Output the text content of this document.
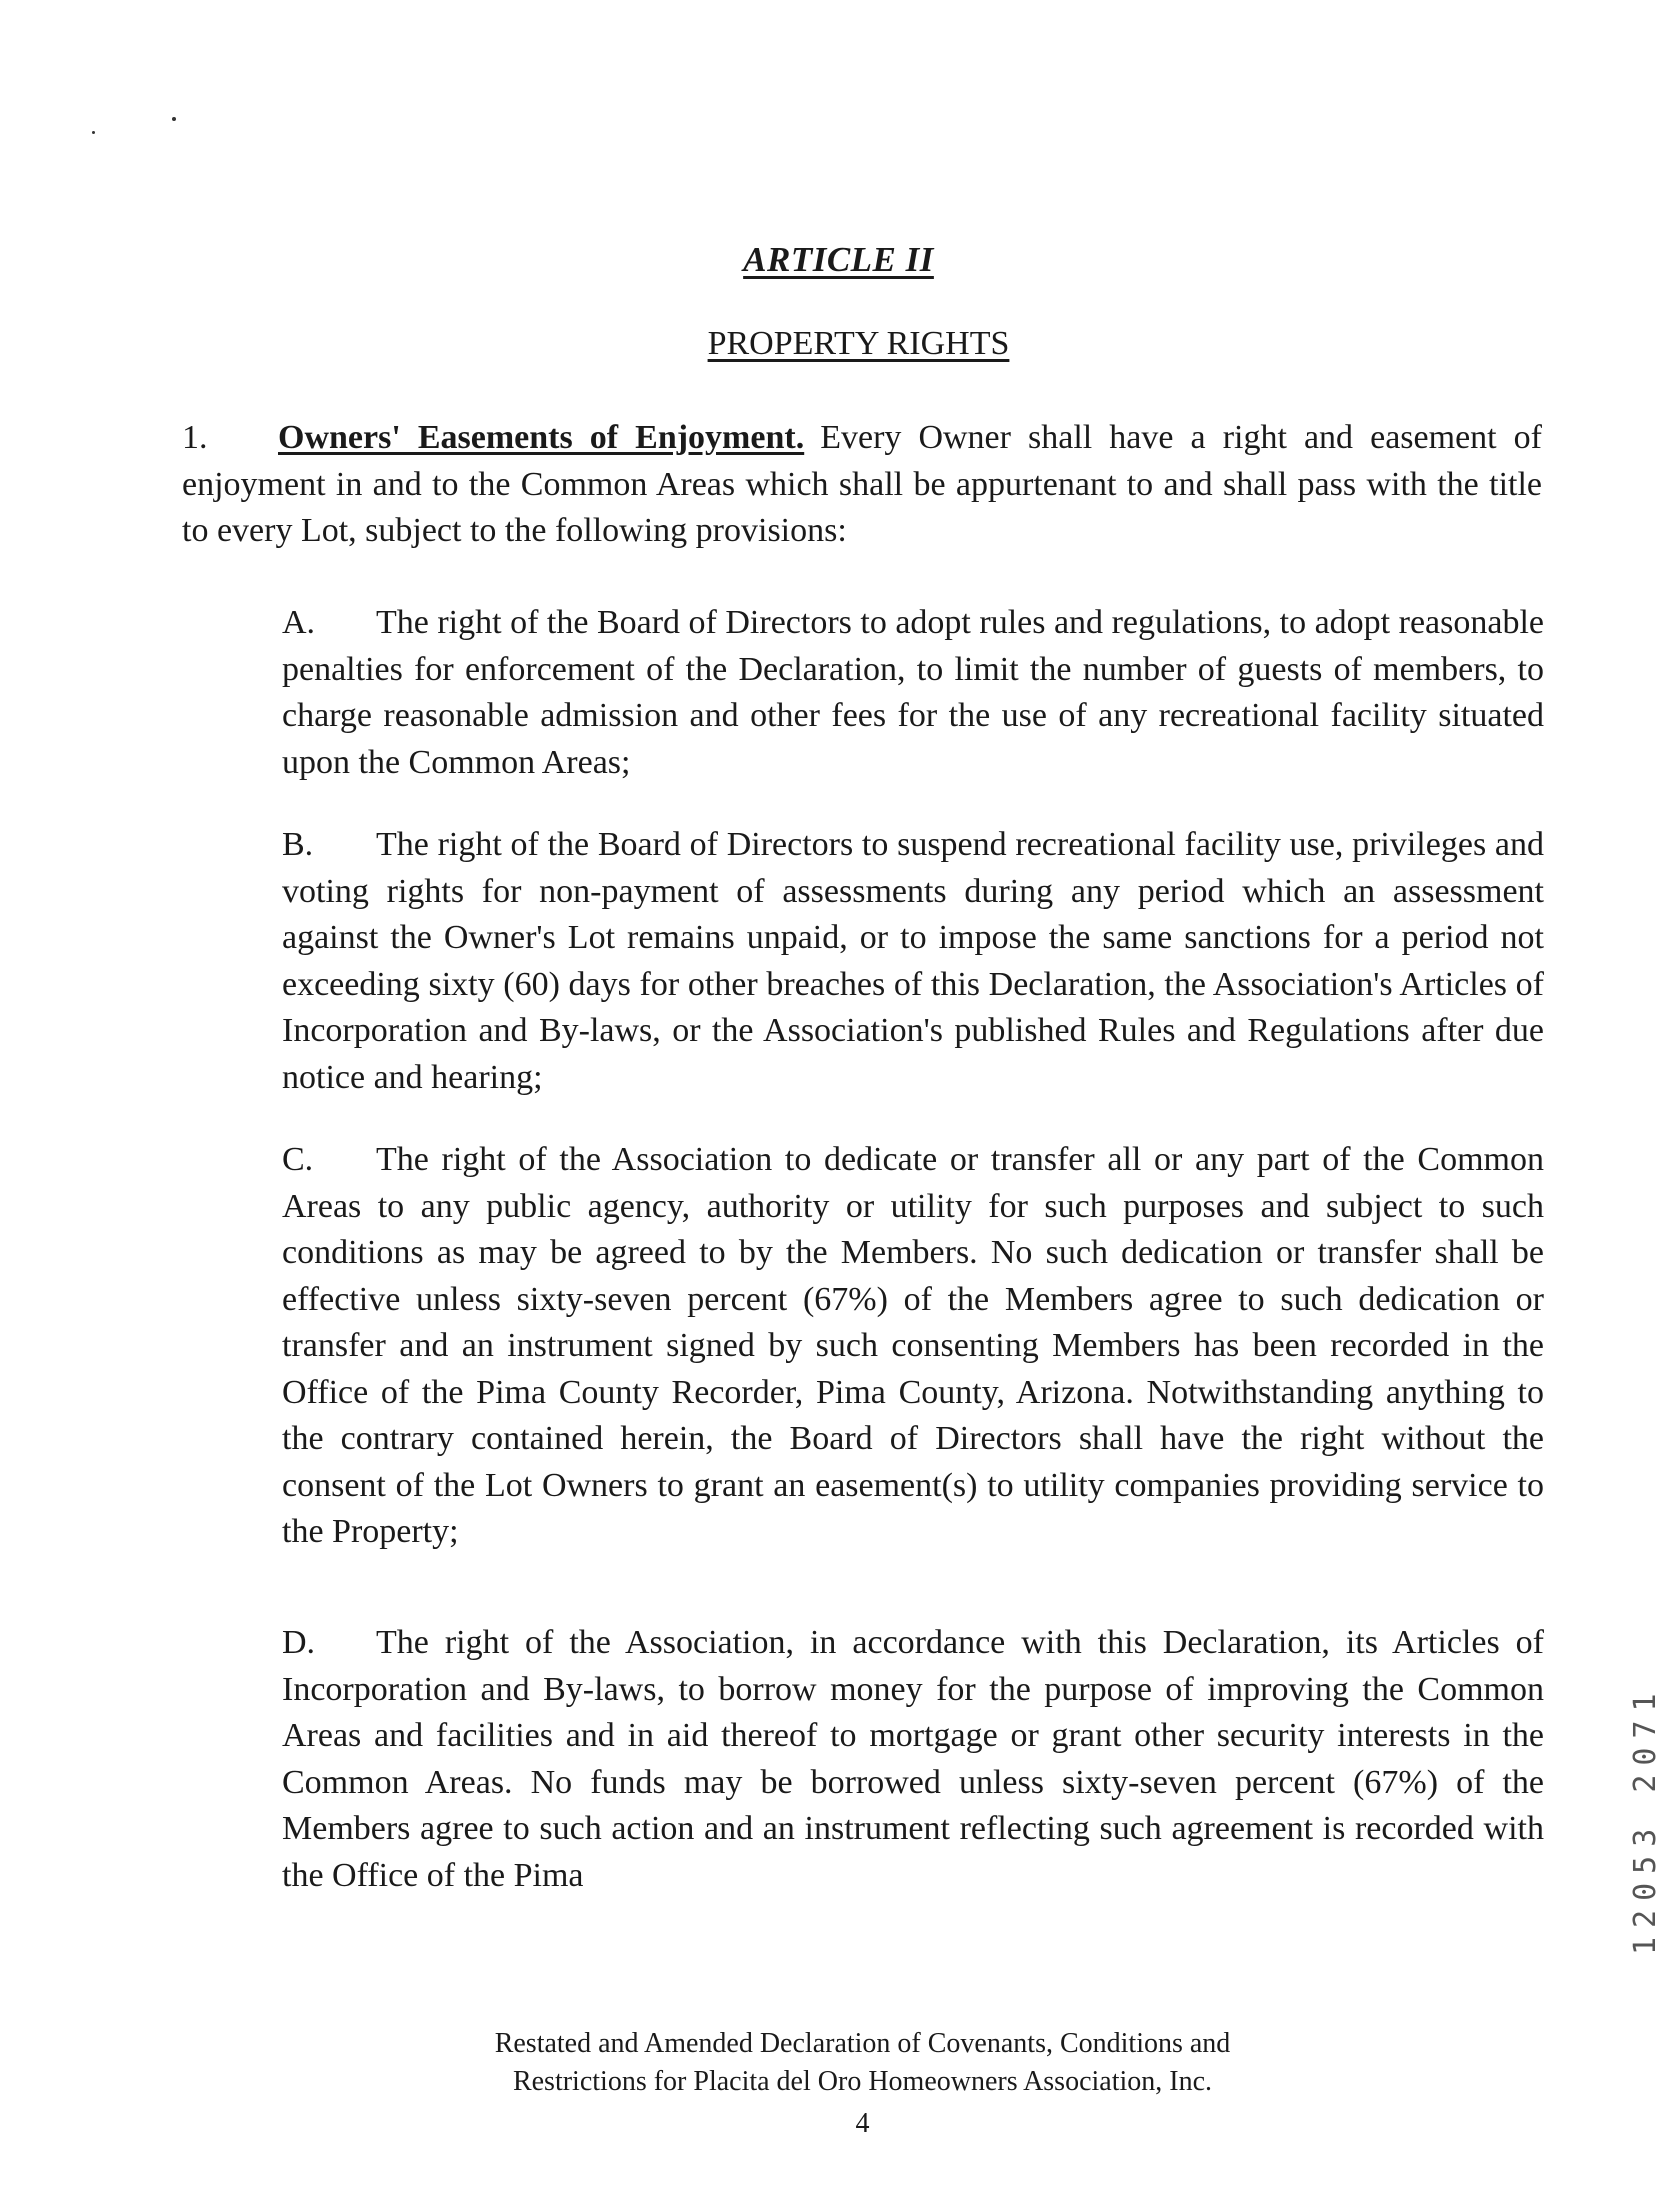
ARTICLE II
PROPERTY RIGHTS
1. Owners' Easements of Enjoyment. Every Owner shall have a right and easement of enjoyment in and to the Common Areas which shall be appurtenant to and shall pass with the title to every Lot, subject to the following provisions:
A. The right of the Board of Directors to adopt rules and regulations, to adopt reasonable penalties for enforcement of the Declaration, to limit the number of guests of members, to charge reasonable admission and other fees for the use of any recreational facility situated upon the Common Areas;
B. The right of the Board of Directors to suspend recreational facility use, privileges and voting rights for non-payment of assessments during any period which an assessment against the Owner's Lot remains unpaid, or to impose the same sanctions for a period not exceeding sixty (60) days for other breaches of this Declaration, the Association's Articles of Incorporation and By-laws, or the Association's published Rules and Regulations after due notice and hearing;
C. The right of the Association to dedicate or transfer all or any part of the Common Areas to any public agency, authority or utility for such purposes and subject to such conditions as may be agreed to by the Members. No such dedication or transfer shall be effective unless sixty-seven percent (67%) of the Members agree to such dedication or transfer and an instrument signed by such consenting Members has been recorded in the Office of the Pima County Recorder, Pima County, Arizona. Notwithstanding anything to the contrary contained herein, the Board of Directors shall have the right without the consent of the Lot Owners to grant an easement(s) to utility companies providing service to the Property;
D. The right of the Association, in accordance with this Declaration, its Articles of Incorporation and By-laws, to borrow money for the purpose of improving the Common Areas and facilities and in aid thereof to mortgage or grant other security interests in the Common Areas. No funds may be borrowed unless sixty-seven percent (67%) of the Members agree to such action and an instrument reflecting such agreement is recorded with the Office of the Pima	12053 2071
Restated and Amended Declaration of Covenants, Conditions and
Restrictions for Placita del Oro Homeowners Association, Inc.
4
